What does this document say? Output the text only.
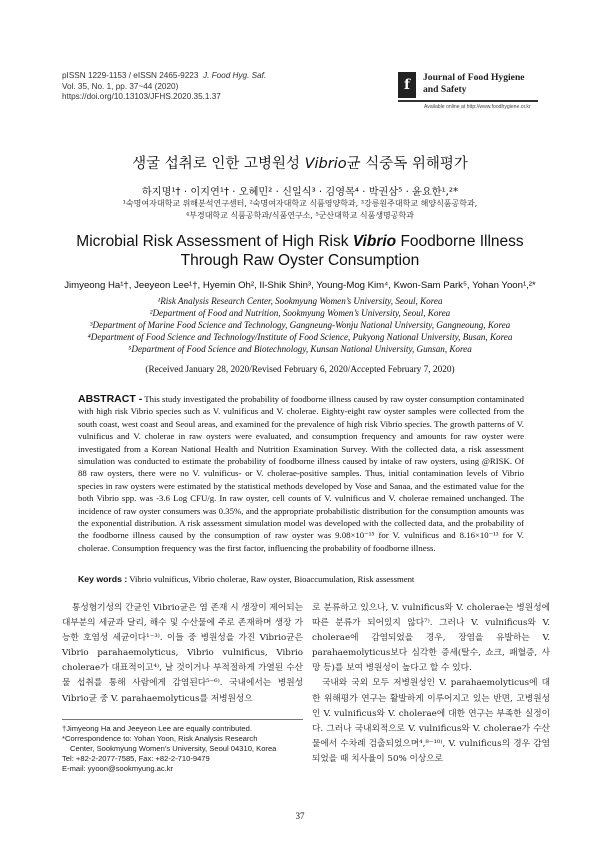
pISSN 1229-1153 / eISSN 2465-9223 J. Food Hyg. Saf.
Vol. 35, No. 1, pp. 37~44 (2020)
https://doi.org/10.13103/JFHS.2020.35.1.37
f	Journal of Food Hygiene
and Safety
Available online at http://www.foodhygiene.or.kr
생굴 섭취로 인한 고병원성 Vibrio균 식중독 위해평가
하지명¹† · 이지연¹† · 오혜민² · 신일식³ · 김영목⁴ · 박권삼⁵ · 윤요한¹,²*
¹숙명여자대학교 위해분석연구센터, ²숙명여자대학교 식품영양학과, ³강릉원주대학교 해양식품공학과,
⁴부경대학교 식품공학과/식품연구소, ⁵군산대학교 식품생명공학과
Microbial Risk Assessment of High Risk Vibrio Foodborne Illness
Through Raw Oyster Consumption
Jimyeong Ha¹†, Jeeyeon Lee¹†, Hyemin Oh², Il-Shik Shin³, Young-Mog Kim⁴, Kwon-Sam Park⁵, Yohan Yoon¹,²*
¹Risk Analysis Research Center, Sookmyung Women’s University, Seoul, Korea
²Department of Food and Nutrition, Sookmyung Women’s University, Seoul, Korea
³Department of Marine Food Science and Technology, Gangneung-Wonju National University, Gangneoung, Korea
⁴Department of Food Science and Technology/Institute of Food Science, Pukyong National University, Busan, Korea
⁵Department of Food Science and Biotechnology, Kunsan National University, Gunsan, Korea
(Received January 28, 2020/Revised February 6, 2020/Accepted February 7, 2020)
ABSTRACT - This study investigated the probability of foodborne illness caused by raw oyster consumption contaminated with high risk Vibrio species such as V. vulnificus and V. cholerae. Eighty-eight raw oyster samples were collected from the south coast, west coast and Seoul areas, and examined for the prevalence of high risk Vibrio species. The growth patterns of V. vulnificus and V. cholerae in raw oysters were evaluated, and consumption frequency and amounts for raw oyster were investigated from a Korean National Health and Nutrition Examination Survey. With the collected data, a risk assessment simulation was conducted to estimate the probability of foodborne illness caused by intake of raw oysters, using @RISK. Of 88 raw oysters, there were no V. vulnificus- or V. cholerae-positive samples. Thus, initial contamination levels of Vibrio species in raw oysters were estimated by the statistical methods developed by Vose and Sanaa, and the estimated value for the both Vibrio spp. was -3.6 Log CFU/g. In raw oyster, cell counts of V. vulnificus and V. cholerae remained unchanged. The incidence of raw oyster consumers was 0.35%, and the appropriate probabilistic distribution for the consumption amounts was the exponential distribution. A risk assessment simulation model was developed with the collected data, and the probability of the foodborne illness caused by the consumption of raw oyster was 9.08×10⁻¹⁵ for V. vulnificus and 8.16×10⁻¹³ for V. cholerae. Consumption frequency was the first factor, influencing the probability of foodborne illness.
Key words : Vibrio vulnificus, Vibrio cholerae, Raw oyster, Bioaccumulation, Risk assessment
통성혐기성의 간균인 Vibrio균은 염 존재 시 생장이 제어되는 대부분의 세균과 달리, 해수 및 수산물에 주로 존재하며 생장 가능한 호염성 세균이다¹⁻³⁾. 이들 중 병원성을 가진 Vibrio균은 Vibrio parahaemolyticus, Vibrio vulnificus, Vibrio cholerae가 대표적이고⁴⁾, 날 것이거나 부적절하게 가열된 수산물 섭취를 통해 사람에게 감염된다⁵⁻⁶⁾. 국내에서는 병원성 Vibrio균 중 V. parahaemolyticus를 저병원성으
로 분류하고 있으나, V. vulnificus와 V. cholerae는 병원성에 따른 분류가 되어있지 않다⁷⁾. 그러나 V. vulnificus와 V. cholerae에 감염되었을 경우, 장염을 유발하는 V. parahaemolyticus보다 심각한 증세(탈수, 쇼크, 패혈증, 사망 등)를 보여 병원성이 높다고 할 수 있다.
국내와 국외 모두 저병원성인 V. parahaemolyticus에 대한 위해평가 연구는 활발하게 이루어지고 있는 반면, 고병원성인 V. vulnificus와 V. cholerae에 대한 연구는 부족한 실정이다. 그러나 국내외적으로 V. vulnificus와 V. cholerae가 수산물에서 수차례 검출되었으며⁴,⁸⁻¹⁰⁾, V. vulnificus의 경우 감염되었을 때 치사율이 50% 이상으로
†Jimyeong Ha and Jeeyeon Lee are equally contributed.
*Correspondence to: Yohan Yoon, Risk Analysis Research
Center, Sookmyung Women’s University, Seoul 04310, Korea
Tel: +82-2-2077-7585, Fax: +82-2-710-9479
E-mail: yyoon@sookmyung.ac.kr
37
